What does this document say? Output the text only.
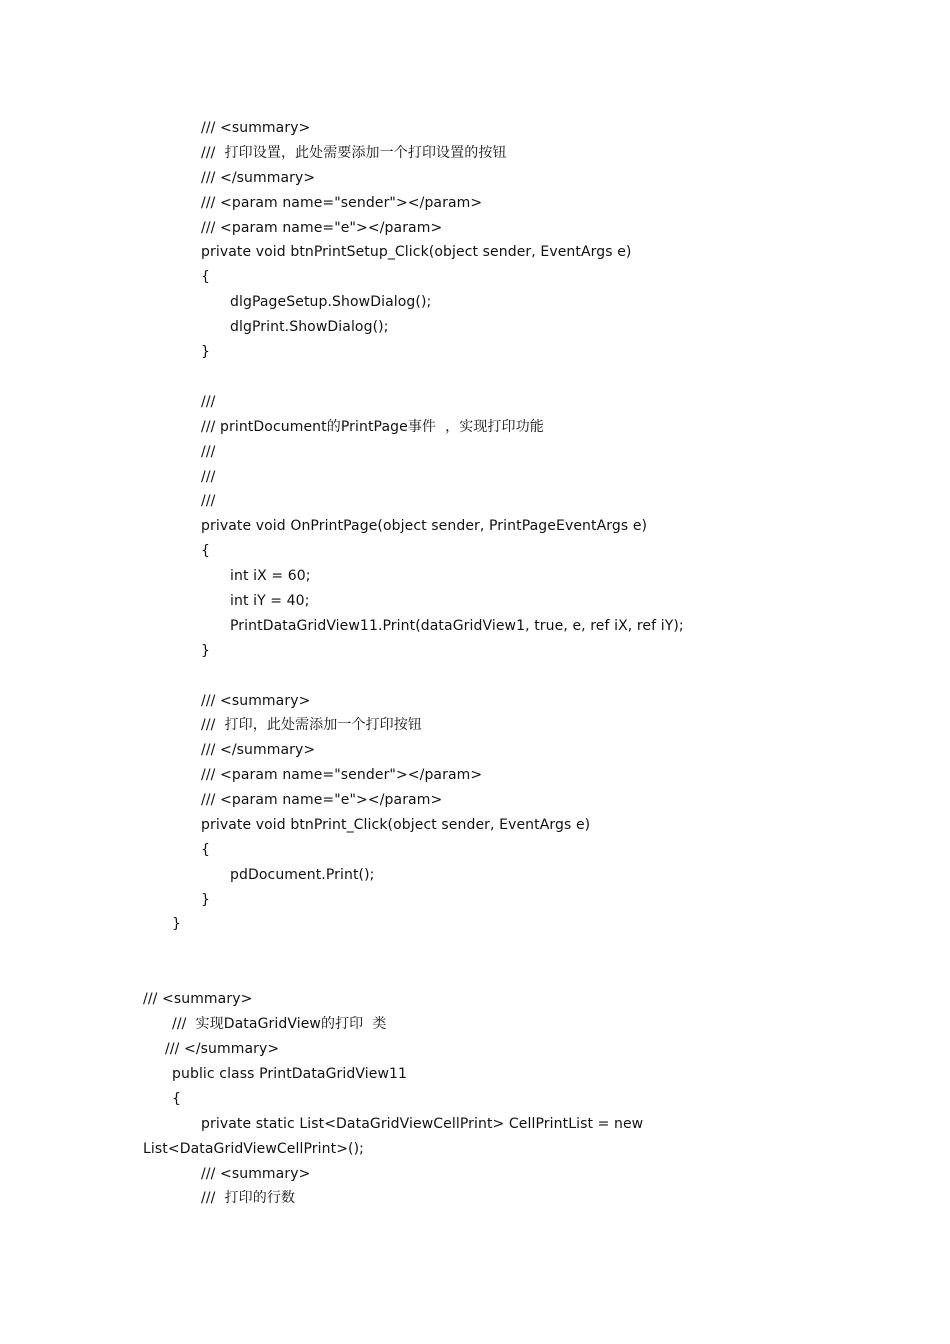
/// <summary>
///  打印设置，此处需要添加一个打印设置的按钮
/// </summary>
/// <param name="sender"></param>
/// <param name="e"></param>
private void btnPrintSetup_Click(object sender, EventArgs e)
{
dlgPageSetup.ShowDialog();
dlgPrint.ShowDialog();
}
///
/// printDocument的PrintPage事件  ，实现打印功能
///
///
///
private void OnPrintPage(object sender, PrintPageEventArgs e)
{
int iX = 60;
int iY = 40;
PrintDataGridView11.Print(dataGridView1, true, e, ref iX, ref iY);
}
/// <summary>
///  打印，此处需添加一个打印按钮
/// </summary>
/// <param name="sender"></param>
/// <param name="e"></param>
private void btnPrint_Click(object sender, EventArgs e)
{
pdDocument.Print();
}
}
/// <summary>
///  实现DataGridView的打印  类
/// </summary>
public class PrintDataGridView11
{
private static List<DataGridViewCellPrint> CellPrintList = new
List<DataGridViewCellPrint>();
/// <summary>
///  打印的行数
